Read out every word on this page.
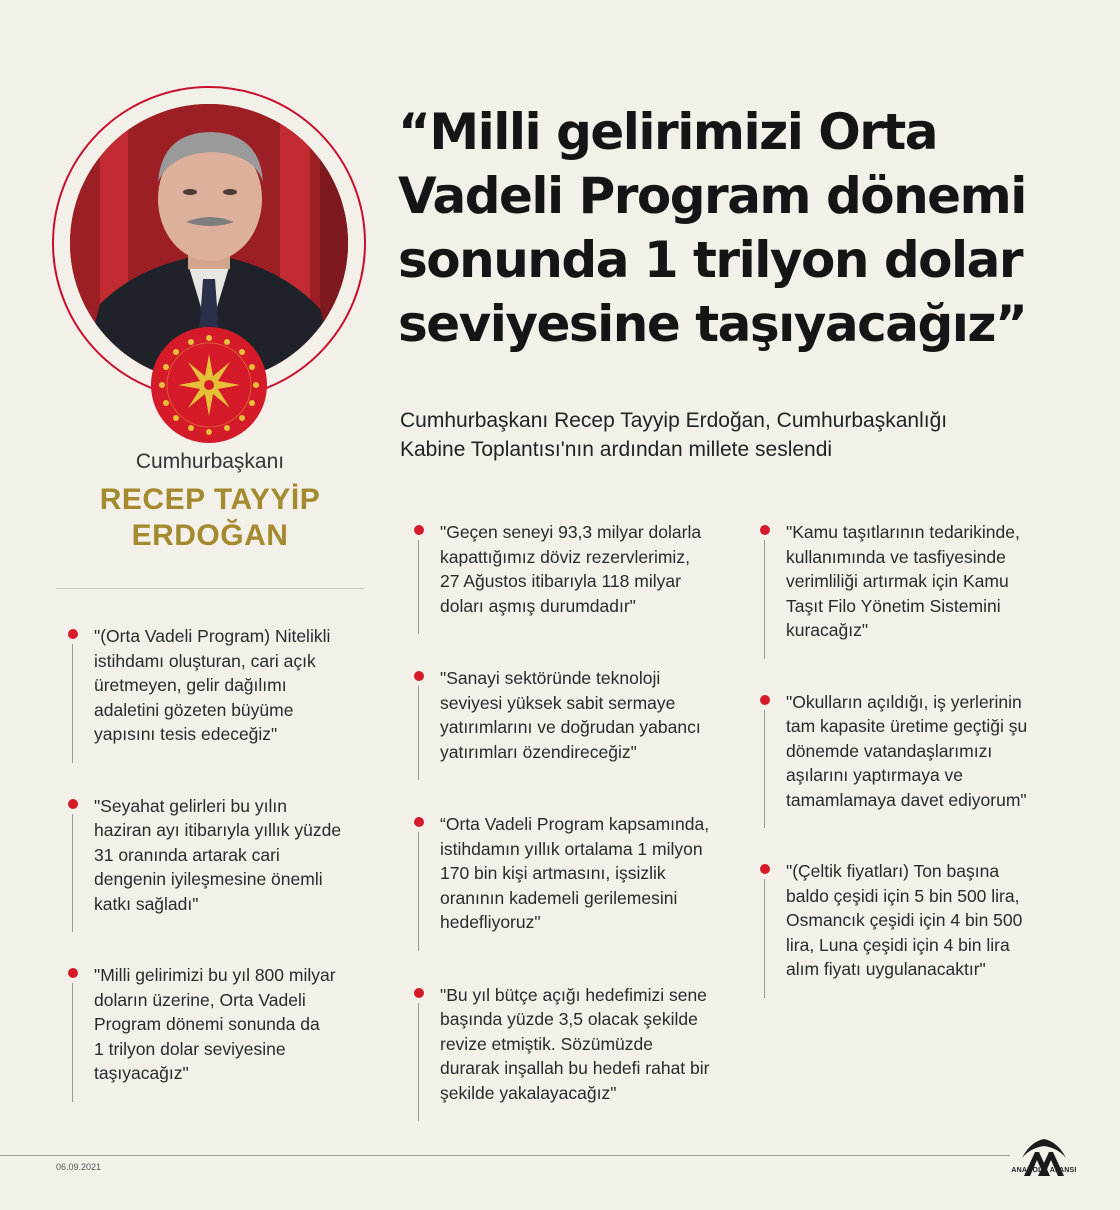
Cumhurbaşkanı
RECEP TAYYİP
ERDOĞAN
“Milli gelirimizi Orta
Vadeli Program dönemi
sonunda 1 trilyon dolar
seviyesine taşıyacağız”
Cumhurbaşkanı Recep Tayyip Erdoğan, Cumhurbaşkanlığı
Kabine Toplantısı'nın ardından millete seslendi

"(Orta Vadeli Program) Nitelikli
istihdamı oluşturan, cari açık
üretmeyen, gelir dağılımı
adaletini gözeten büyüme
yapısını tesis edeceğiz"

"Seyahat gelirleri bu yılın
haziran ayı itibarıyla yıllık yüzde
31 oranında artarak cari
dengenin iyileşmesine önemli
katkı sağladı"

"Milli gelirimizi bu yıl 800 milyar
doların üzerine, Orta Vadeli
Program dönemi sonunda da
1 trilyon dolar seviyesine
taşıyacağız"

"Geçen seneyi 93,3 milyar dolarla
kapattığımız döviz rezervlerimiz,
27 Ağustos itibarıyla 118 milyar
doları aşmış durumdadır"

"Sanayi sektöründe teknoloji
seviyesi yüksek sabit sermaye
yatırımlarını ve doğrudan yabancı
yatırımları özendireceğiz"

“Orta Vadeli Program kapsamında,
istihdamın yıllık ortalama 1 milyon
170 bin kişi artmasını, işsizlik
oranının kademeli gerilemesini
hedefliyoruz"

"Bu yıl bütçe açığı hedefimizi sene
başında yüzde 3,5 olacak şekilde
revize etmiştik. Sözümüzde
durarak inşallah bu hedefi rahat bir
şekilde yakalayacağız"

"Kamu taşıtlarının tedarikinde,
kullanımında ve tasfiyesinde
verimliliği artırmak için Kamu
Taşıt Filo Yönetim Sistemini
kuracağız"

"Okulların açıldığı, iş yerlerinin
tam kapasite üretime geçtiği şu
dönemde vatandaşlarımızı
aşılarını yaptırmaya ve
tamamlamaya davet ediyorum"

"(Çeltik fiyatları) Ton başına
baldo çeşidi için 5 bin 500 lira,
Osmancık çeşidi için 4 bin 500
lira, Luna çeşidi için 4 bin lira
alım fiyatı uygulanacaktır"

06.09.2021	ANADOLU AJANSI
